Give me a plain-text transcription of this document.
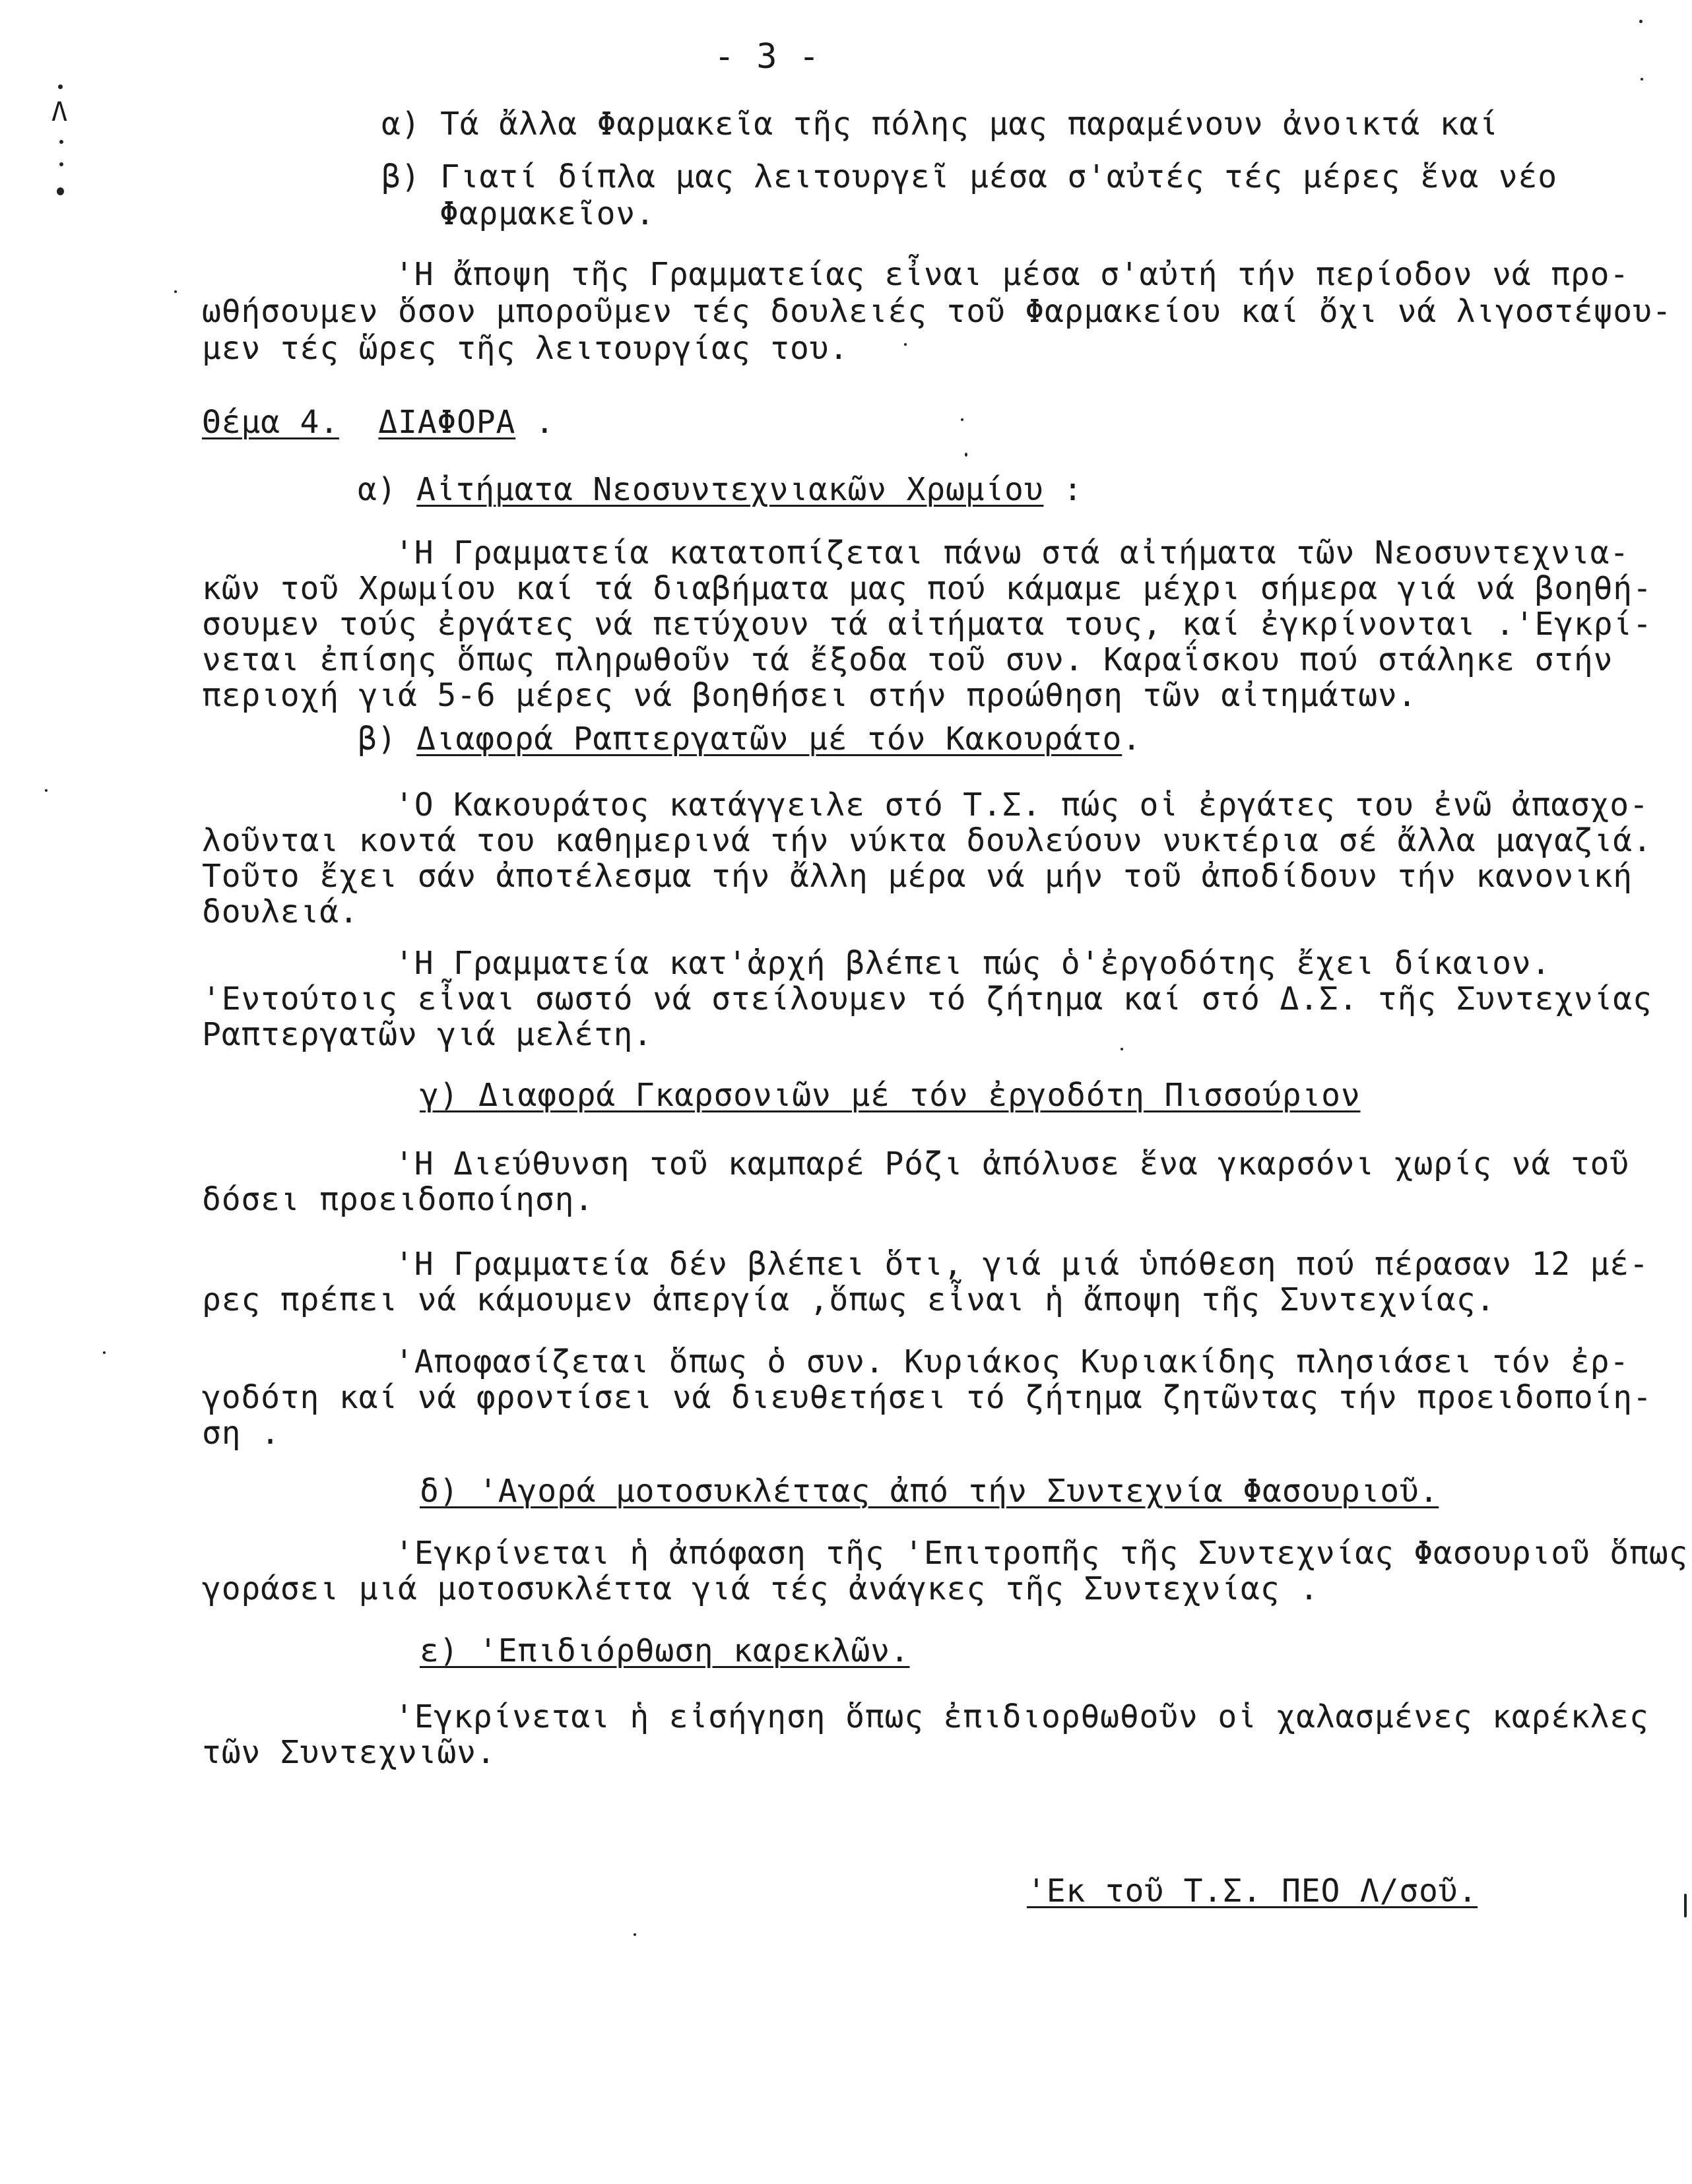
- 3 -
Λ	α) Τά ἄλλα Φαρμακεῖα τῆς πόλης μας παραμένουν ἀνοικτά καί
β) Γιατί δίπλα μας λειτουργεῖ μέσα σ'αὐτές τές μέρες ἕνα νέο
Φαρμακεῖον.
'Η ἄποψη τῆς Γραμματείας εἶναι μέσα σ'αὐτή τήν περίοδον νά προ-
ωθήσουμεν ὅσον μποροῦμεν τές δουλειές τοῦ Φαρμακείου καί ὄχι νά λιγοστέψου-
μεν τές ὥρες τῆς λειτουργίας του.
Θέμα 4. ΔΙΑΦΟΡΑ .
α) Αἰτήματα Νεοσυντεχνιακῶν Χρωμίου :
'Η Γραμματεία κατατοπίζεται πάνω στά αἰτήματα τῶν Νεοσυντεχνια-
κῶν τοῦ Χρωμίου καί τά διαβήματα μας πού κάμαμε μέχρι σήμερα γιά νά βοηθή-
σουμεν τούς ἐργάτες νά πετύχουν τά αἰτήματα τους, καί ἐγκρίνονται .'Εγκρί-
νεται ἐπίσης ὅπως πληρωθοῦν τά ἔξοδα τοῦ συν. Καραΐσκου πού στάληκε στήν
περιοχή γιά 5-6 μέρες νά βοηθήσει στήν προώθηση τῶν αἰτημάτων.
β) Διαφορά Ραπτεργατῶν μέ τόν Κακουράτο.
'Ο Κακουράτος κατάγγειλε στό Τ.Σ. πώς οἱ ἐργάτες του ἐνῶ ἀπασχο-
λοῦνται κοντά του καθημερινά τήν νύκτα δουλεύουν νυκτέρια σέ ἄλλα μαγαζιά.
Τοῦτο ἔχει σάν ἀποτέλεσμα τήν ἄλλη μέρα νά μήν τοῦ ἀποδίδουν τήν κανονική
δουλειά.
'Η Γραμματεία κατ'ἀρχή βλέπει πώς ὁ'ἐργοδότης ἔχει δίκαιον.
'Εντούτοις εἶναι σωστό νά στείλουμεν τό ζήτημα καί στό Δ.Σ. τῆς Συντεχνίας
Ραπτεργατῶν γιά μελέτη.
γ) Διαφορά Γκαρσονιῶν μέ τόν ἐργοδότη Πισσούριον
'Η Διεύθυνση τοῦ καμπαρέ Ρόζι ἀπόλυσε ἕνα γκαρσόνι χωρίς νά τοῦ
δόσει προειδοποίηση.
'Η Γραμματεία δέν βλέπει ὅτι, γιά μιά ὑπόθεση πού πέρασαν 12 μέ-
ρες πρέπει νά κάμουμεν ἀπεργία ,ὅπως εἶναι ἡ ἄποψη τῆς Συντεχνίας.
'Αποφασίζεται ὅπως ὁ συν. Κυριάκος Κυριακίδης πλησιάσει τόν ἐρ-
γοδότη καί νά φροντίσει νά διευθετήσει τό ζήτημα ζητῶντας τήν προειδοποίη-
ση .
δ) 'Αγορά μοτοσυκλέττας ἀπό τήν Συντεχνία Φασουριοῦ.
'Εγκρίνεται ἡ ἀπόφαση τῆς 'Επιτροπῆς τῆς Συντεχνίας Φασουριοῦ ὅπως
γοράσει μιά μοτοσυκλέττα γιά τές ἀνάγκες τῆς Συντεχνίας .
ε) 'Επιδιόρθωση καρεκλῶν.
'Εγκρίνεται ἡ εἰσήγηση ὅπως ἐπιδιορθωθοῦν οἱ χαλασμένες καρέκλες
τῶν Συντεχνιῶν.
'Εκ τοῦ Τ.Σ. ΠΕΟ Λ/σοῦ.
